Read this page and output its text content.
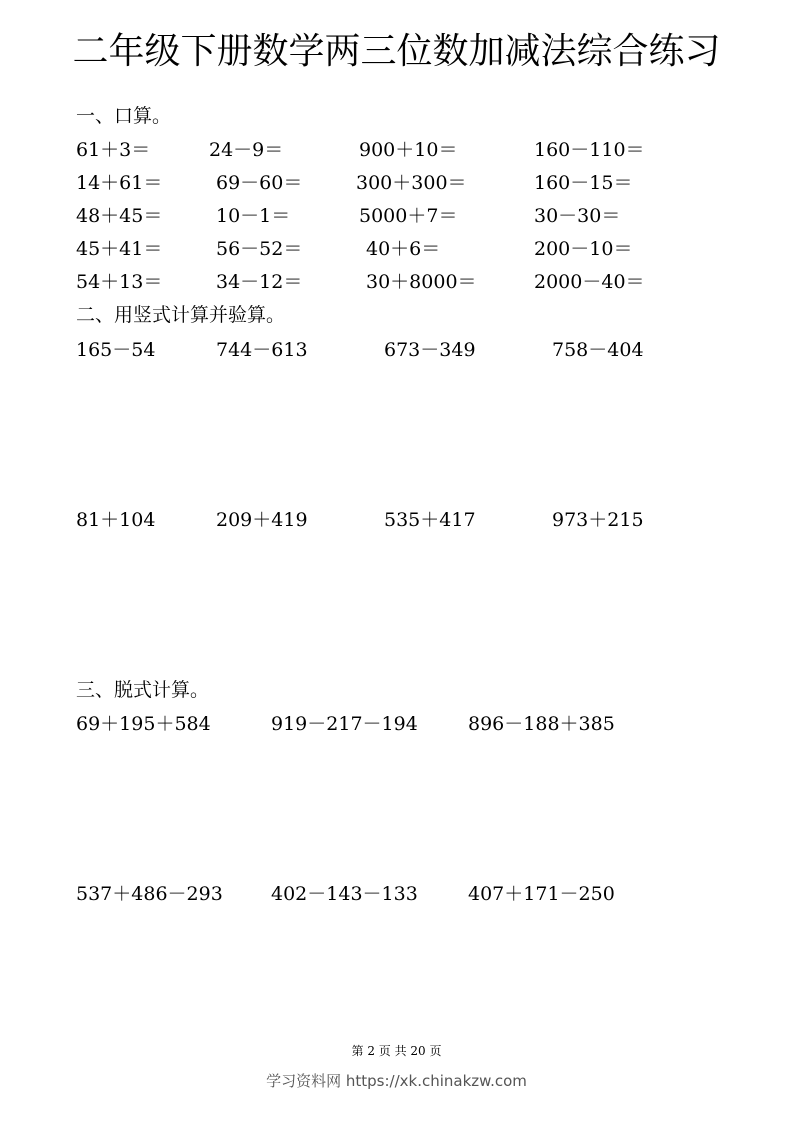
二年级下册数学两三位数加减法综合练习
一、口算。
61＋3＝	24－9＝	900＋10＝	160－110＝
14＋61＝	69－60＝	300＋300＝	160－15＝
48＋45＝	10－1＝	5000＋7＝	30－30＝
45＋41＝	56－52＝	40＋6＝	200－10＝
54＋13＝	34－12＝	30＋8000＝	2000－40＝
二、用竖式计算并验算。
165－54	744－613	673－349	758－404
81＋104	209＋419	535＋417	973＋215
三、脱式计算。
69＋195＋584	919－217－194	896－188＋385
537＋486－293	402－143－133	407＋171－250
第 2 页 共 20 页
学习资料网 https://xk.chinakzw.com
